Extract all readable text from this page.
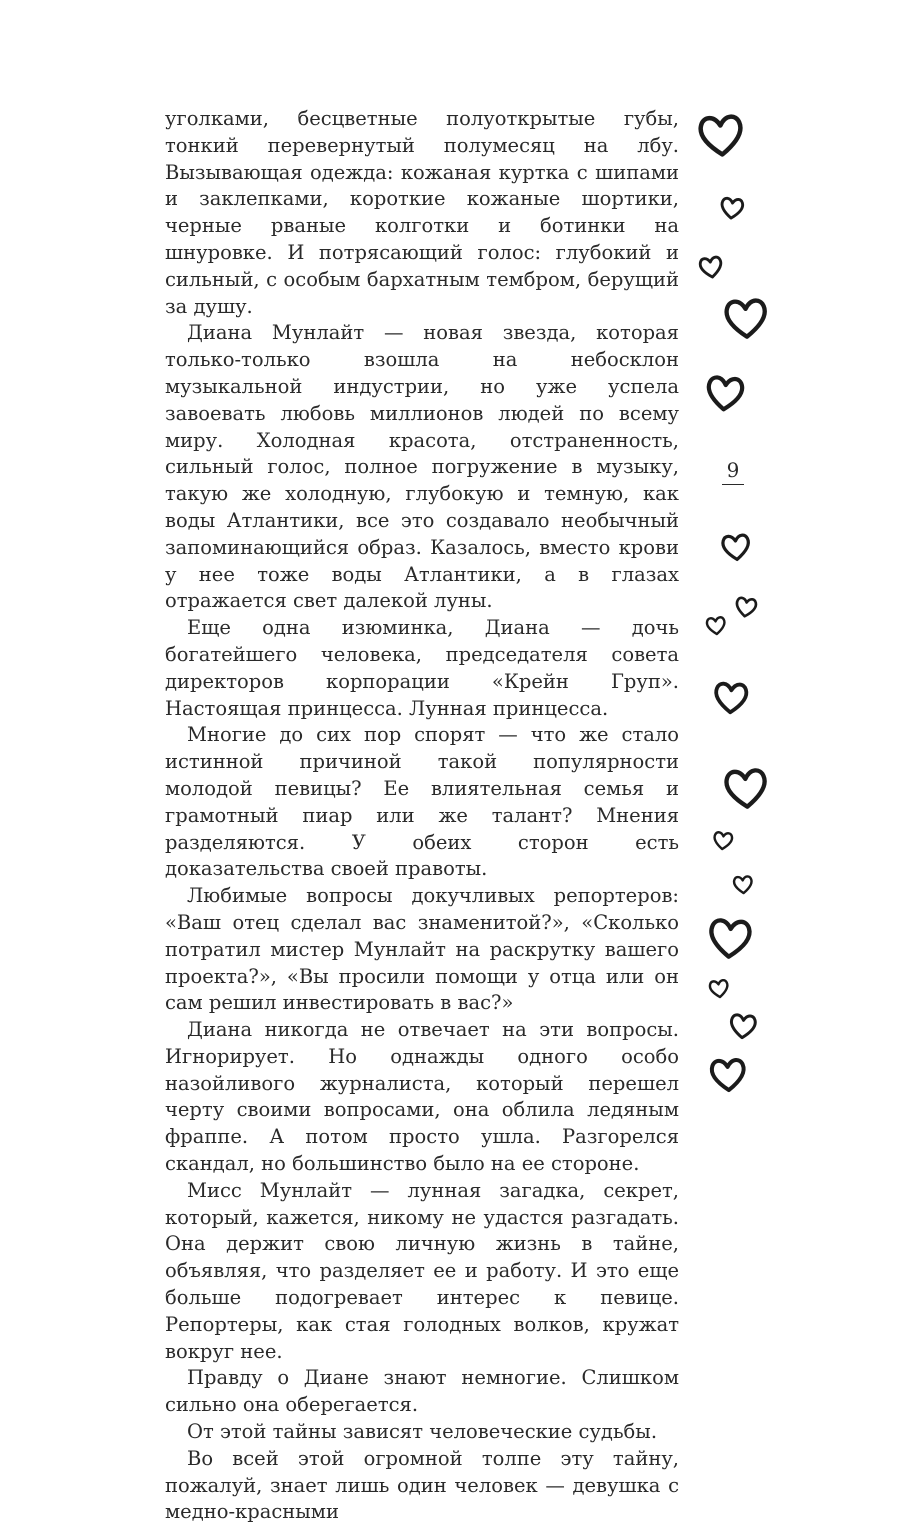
уголками, бесцветные полуоткрытые губы, тонкий перевернутый полумесяц на лбу. Вызывающая одежда: кожаная куртка с шипами и заклепками, короткие кожаные шортики, черные рваные колготки и ботинки на шнуровке. И потрясающий голос: глубокий и сильный, с особым бархатным тембром, берущий за душу.

Диана Мунлайт — новая звезда, которая только-только взошла на небосклон музыкальной индустрии, но уже успела завоевать любовь миллионов людей по всему миру. Холодная красота, отстраненность, сильный голос, полное погружение в музыку, такую же холодную, глубокую и темную, как воды Атлантики, все это создавало необычный запоминающийся образ. Казалось, вместо крови у нее тоже воды Атлантики, а в глазах отражается свет далекой луны.

Еще одна изюминка, Диана — дочь богатейшего человека, председателя совета директоров корпорации «Крейн Груп». Настоящая принцесса. Лунная принцесса.

Многие до сих пор спорят — что же стало истинной причиной такой популярности молодой певицы? Ее влиятельная семья и грамотный пиар или же талант? Мнения разделяются. У обеих сторон есть доказательства своей правоты.

Любимые вопросы докучливых репортеров: «Ваш отец сделал вас знаменитой?», «Сколько потратил мистер Мунлайт на раскрутку вашего проекта?», «Вы просили помощи у отца или он сам решил инвестировать в вас?»

Диана никогда не отвечает на эти вопросы. Игнорирует. Но однажды одного особо назойливого журналиста, который перешел черту своими вопросами, она облила ледяным фраппе. А потом просто ушла. Разгорелся скандал, но большинство было на ее стороне.

Мисс Мунлайт — лунная загадка, секрет, который, кажется, никому не удастся разгадать. Она держит свою личную жизнь в тайне, объявляя, что разделяет ее и работу. И это еще больше подогревает интерес к певице. Репортеры, как стая голодных волков, кружат вокруг нее.

Правду о Диане знают немногие. Слишком сильно она оберегается.

От этой тайны зависят человеческие судьбы.

Во всей этой огромной толпе эту тайну, пожалуй, знает лишь один человек — девушка с медно-красными

9
